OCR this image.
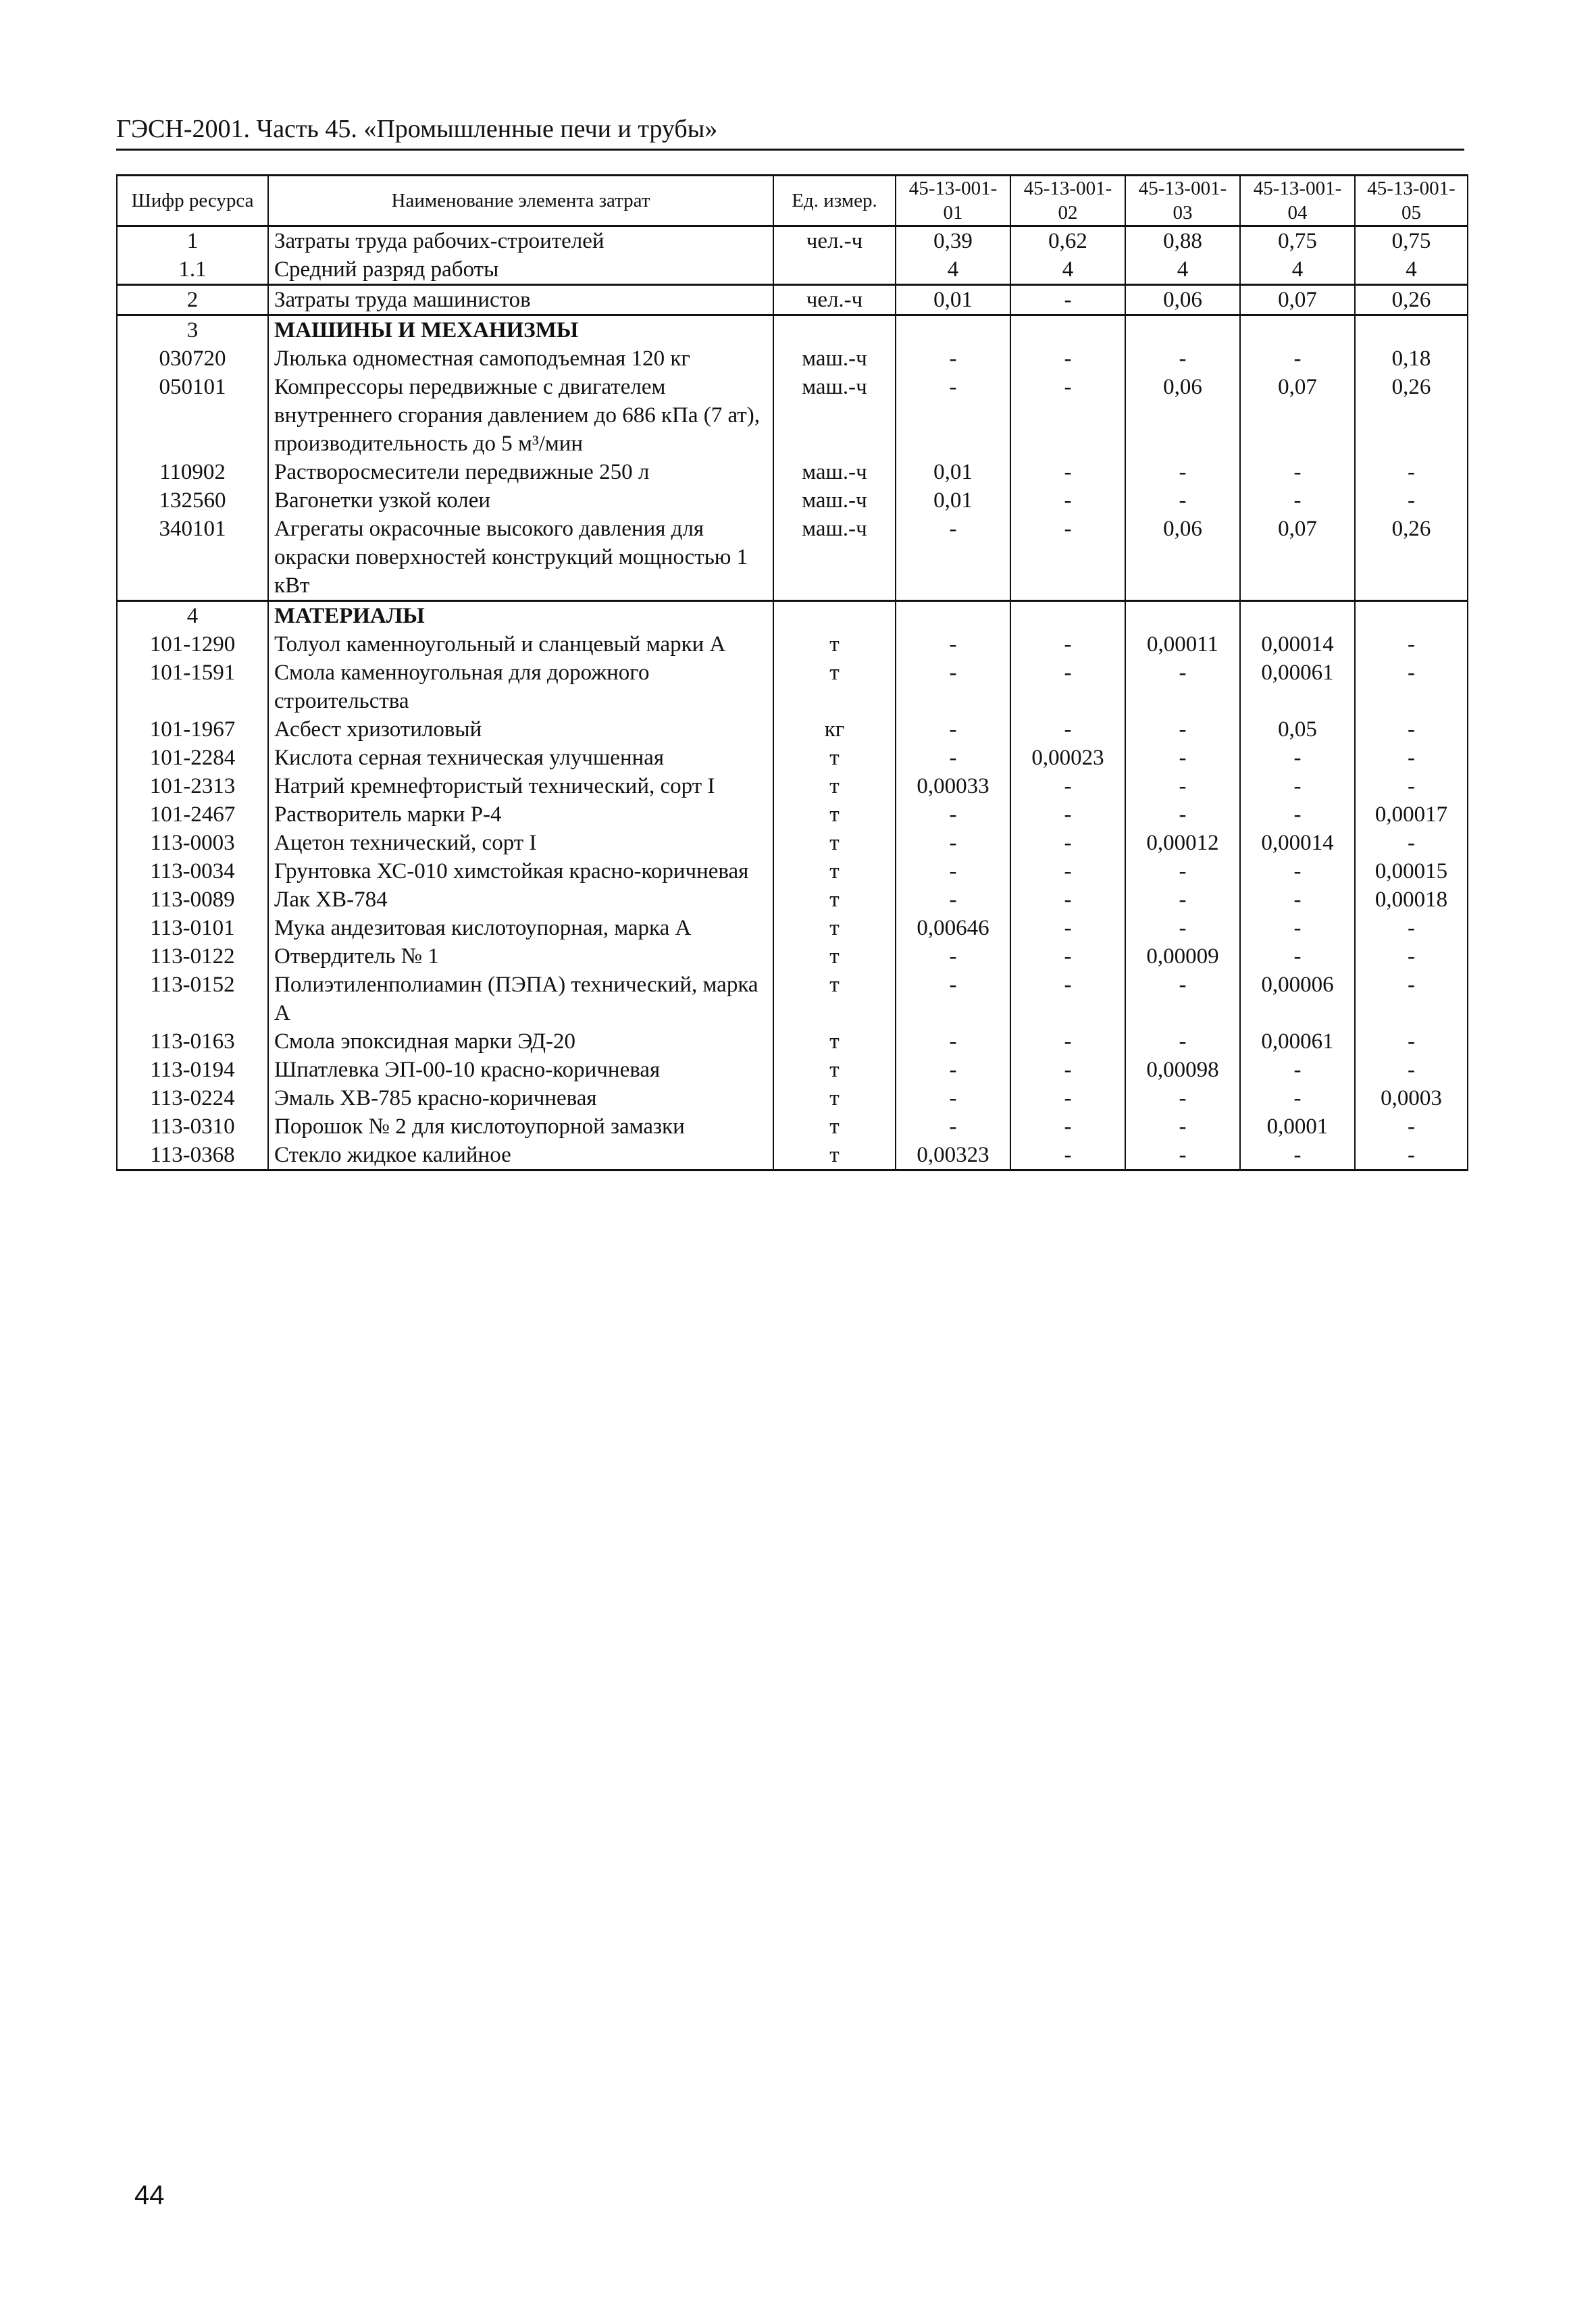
ГЭСН-2001. Часть 45. «Промышленные печи и трубы»
Шифр ресурса	Наименование элемента затрат	Ед. измер.	45-13-001-01	45-13-001-02	45-13-001-03	45-13-001-04	45-13-001-05
1	Затраты труда рабочих-строителей	чел.-ч	0,39	0,62	0,88	0,75	0,75
1.1	Средний разряд работы		4	4	4	4	4
2	Затраты труда машинистов	чел.-ч	0,01	-	0,06	0,07	0,26
3	МАШИНЫ И МЕХАНИЗМЫ						
030720	Люлька одноместная самоподъемная 120 кг	маш.-ч	-	-	-	-	0,18
050101	Компрессоры передвижные с двигателем внутреннего сгорания давлением до 686 кПа (7 ат), производительность до 5 м³/мин	маш.-ч	-	-	0,06	0,07	0,26
110902	Растворосмесители передвижные 250 л	маш.-ч	0,01	-	-	-	-
132560	Вагонетки узкой колеи	маш.-ч	0,01	-	-	-	-
340101	Агрегаты окрасочные высокого давления для окраски поверхностей конструкций мощностью 1 кВт	маш.-ч	-	-	0,06	0,07	0,26
4	МАТЕРИАЛЫ						
101-1290	Толуол каменноугольный и сланцевый марки А	т	-	-	0,00011	0,00014	-
101-1591	Смола каменноугольная для дорожного строительства	т	-	-	-	0,00061	-
101-1967	Асбест хризотиловый	кг	-	-	-	0,05	-
101-2284	Кислота серная техническая улучшенная	т	-	0,00023	-	-	-
101-2313	Натрий кремнефтористый технический, сорт I	т	0,00033	-	-	-	-
101-2467	Растворитель марки Р-4	т	-	-	-	-	0,00017
113-0003	Ацетон технический, сорт I	т	-	-	0,00012	0,00014	-
113-0034	Грунтовка ХС-010 химстойкая красно-коричневая	т	-	-	-	-	0,00015
113-0089	Лак ХВ-784	т	-	-	-	-	0,00018
113-0101	Мука андезитовая кислотоупорная, марка А	т	0,00646	-	-	-	-
113-0122	Отвердитель № 1	т	-	-	0,00009	-	-
113-0152	Полиэтиленполиамин (ПЭПА) технический, марка А	т	-	-	-	0,00006	-
113-0163	Смола эпоксидная марки ЭД-20	т	-	-	-	0,00061	-
113-0194	Шпатлевка ЭП-00-10 красно-коричневая	т	-	-	0,00098	-	-
113-0224	Эмаль ХВ-785 красно-коричневая	т	-	-	-	-	0,0003
113-0310	Порошок № 2 для кислотоупорной замазки	т	-	-	-	0,0001	-
113-0368	Стекло жидкое калийное	т	0,00323	-	-	-	-
44
